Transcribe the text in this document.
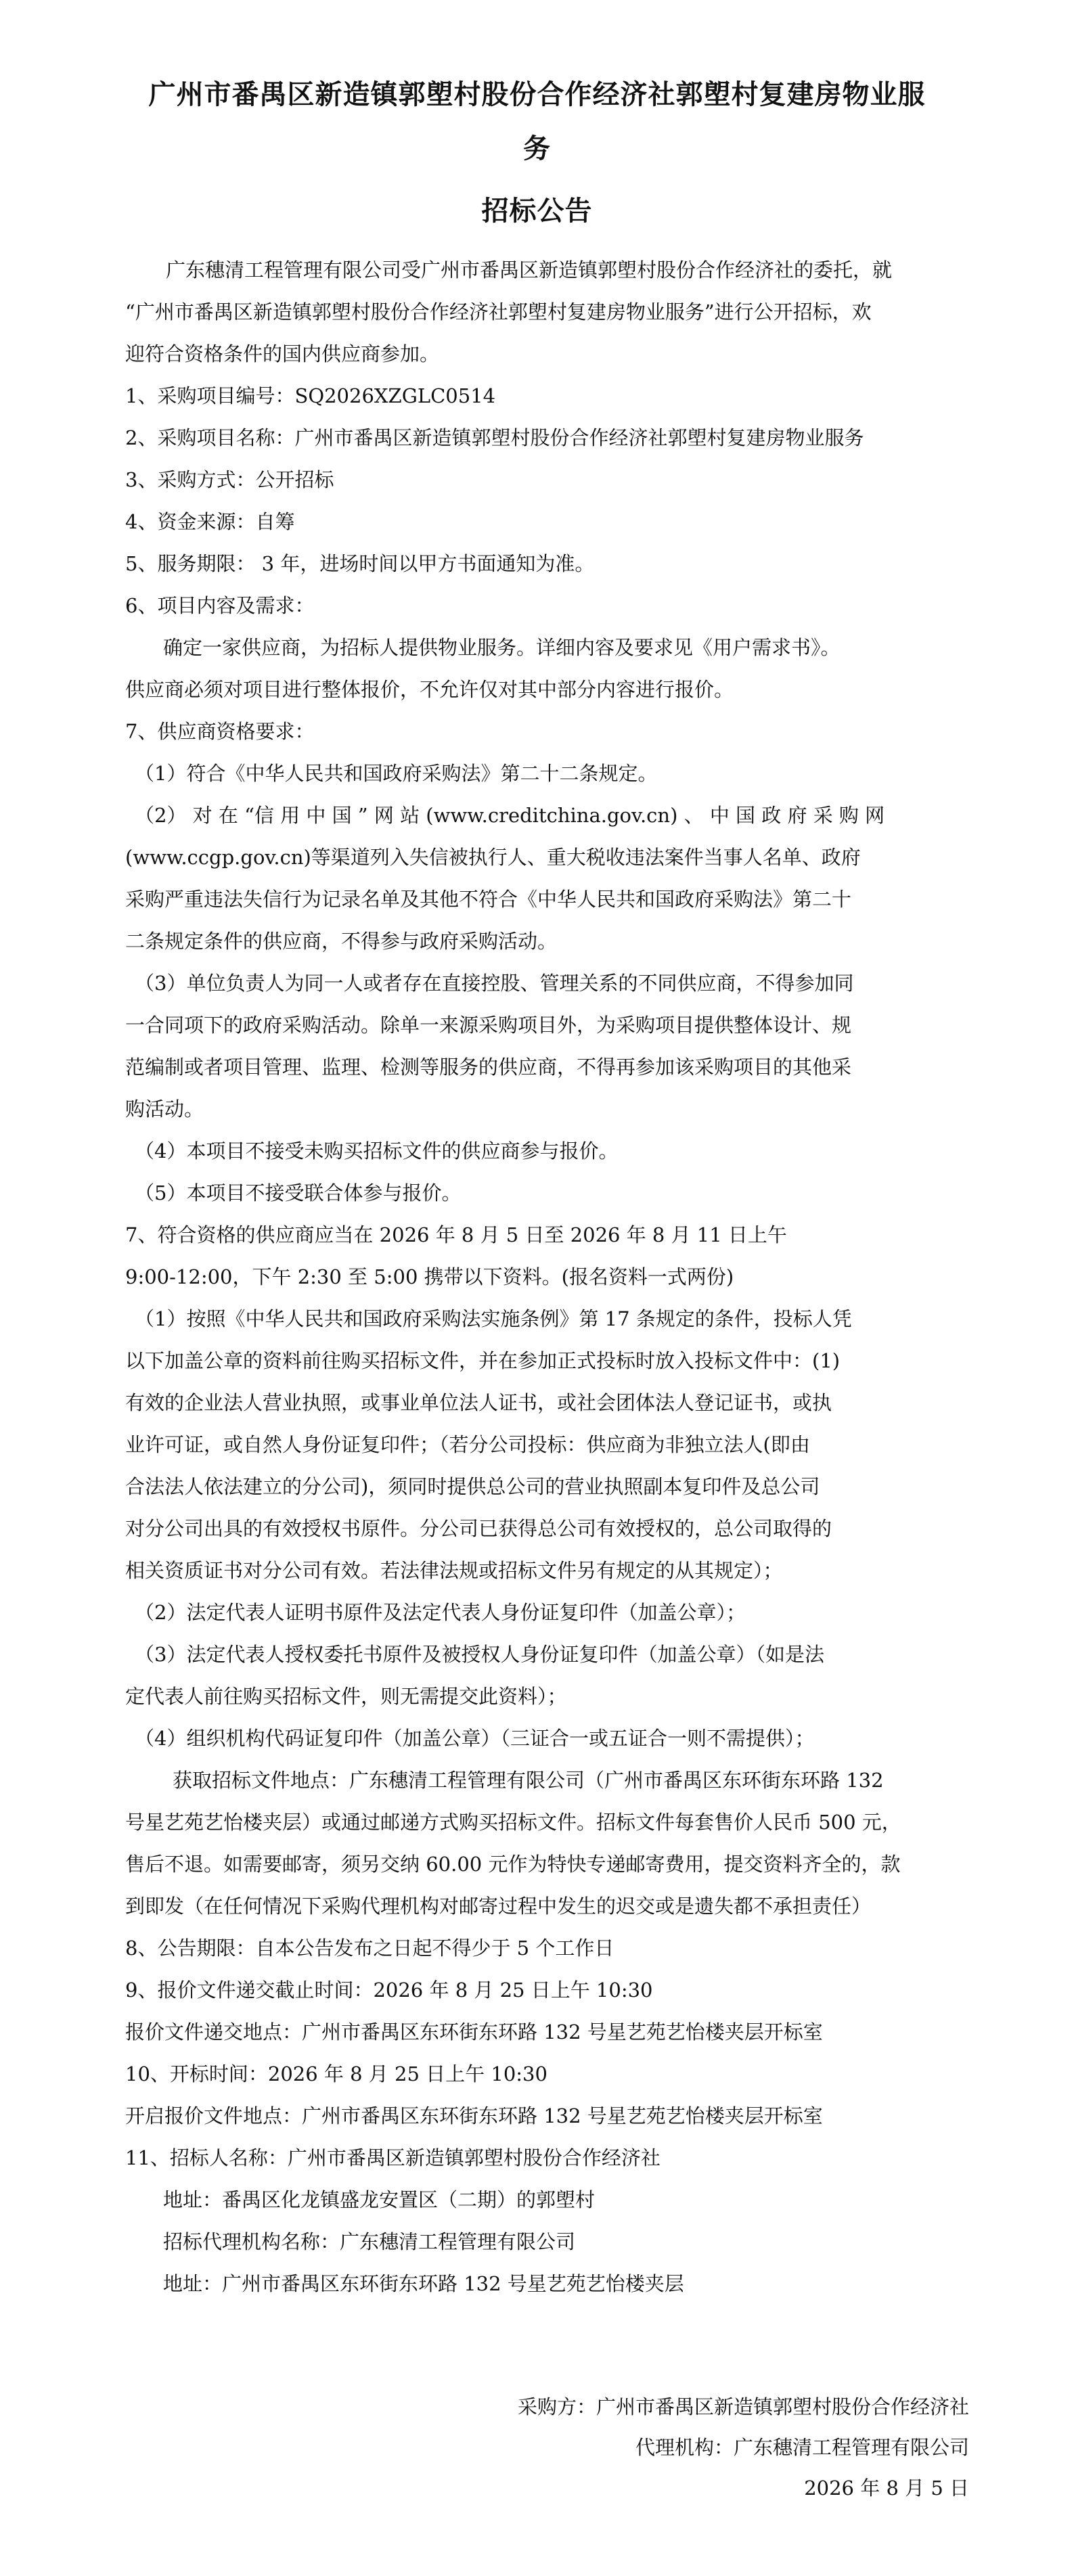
广州市番禺区新造镇郭塱村股份合作经济社郭塱村复建房物业服
务
招标公告
广东穗清工程管理有限公司受广州市番禺区新造镇郭塱村股份合作经济社的委托，就
“广州市番禺区新造镇郭塱村股份合作经济社郭塱村复建房物业服务”进行公开招标，欢
迎符合资格条件的国内供应商参加。
1、采购项目编号：SQ2026XZGLC0514
2、采购项目名称：广州市番禺区新造镇郭塱村股份合作经济社郭塱村复建房物业服务
3、采购方式：公开招标
4、资金来源：自筹
5、服务期限： 3 年，进场时间以甲方书面通知为准。
6、项目内容及需求：
确定一家供应商，为招标人提供物业服务。详细内容及要求见《用户需求书》。
供应商必须对项目进行整体报价，不允许仅对其中部分内容进行报价。
7、供应商资格要求：
（1）符合《中华人民共和国政府采购法》第二十二条规定。
（2） 对 在 “信 用 中 国 ” 网 站 (www.creditchina.gov.cn) 、 中 国 政 府 采 购 网
(www.ccgp.gov.cn)等渠道列入失信被执行人、重大税收违法案件当事人名单、政府
采购严重违法失信行为记录名单及其他不符合《中华人民共和国政府采购法》第二十
二条规定条件的供应商，不得参与政府采购活动。
（3）单位负责人为同一人或者存在直接控股、管理关系的不同供应商，不得参加同
一合同项下的政府采购活动。除单一来源采购项目外，为采购项目提供整体设计、规
范编制或者项目管理、监理、检测等服务的供应商，不得再参加该采购项目的其他采
购活动。
（4）本项目不接受未购买招标文件的供应商参与报价。
（5）本项目不接受联合体参与报价。
7、符合资格的供应商应当在 2026 年 8 月 5 日至 2026 年 8 月 11 日上午
9:00-12:00，下午 2:30 至 5:00 携带以下资料。(报名资料一式两份)
（1）按照《中华人民共和国政府采购法实施条例》第 17 条规定的条件，投标人凭
以下加盖公章的资料前往购买招标文件，并在参加正式投标时放入投标文件中：(1)
有效的企业法人营业执照，或事业单位法人证书，或社会团体法人登记证书，或执
业许可证，或自然人身份证复印件；（若分公司投标：供应商为非独立法人(即由
合法法人依法建立的分公司)，须同时提供总公司的营业执照副本复印件及总公司
对分公司出具的有效授权书原件。分公司已获得总公司有效授权的，总公司取得的
相关资质证书对分公司有效。若法律法规或招标文件另有规定的从其规定）；
（2）法定代表人证明书原件及法定代表人身份证复印件（加盖公章）；
（3）法定代表人授权委托书原件及被授权人身份证复印件（加盖公章）（如是法
定代表人前往购买招标文件，则无需提交此资料）；
（4）组织机构代码证复印件（加盖公章）（三证合一或五证合一则不需提供）；
获取招标文件地点：广东穗清工程管理有限公司（广州市番禺区东环街东环路 132
号星艺苑艺怡楼夹层）或通过邮递方式购买招标文件。招标文件每套售价人民币 500 元，
售后不退。如需要邮寄，须另交纳 60.00 元作为特快专递邮寄费用，提交资料齐全的，款
到即发（在任何情况下采购代理机构对邮寄过程中发生的迟交或是遗失都不承担责任）
8、公告期限：自本公告发布之日起不得少于 5 个工作日
9、报价文件递交截止时间：2026 年 8 月 25 日上午 10:30
报价文件递交地点：广州市番禺区东环街东环路 132 号星艺苑艺怡楼夹层开标室
10、开标时间：2026 年 8 月 25 日上午 10:30
开启报价文件地点：广州市番禺区东环街东环路 132 号星艺苑艺怡楼夹层开标室
11、招标人名称：广州市番禺区新造镇郭塱村股份合作经济社
地址：番禺区化龙镇盛龙安置区（二期）的郭塱村
招标代理机构名称：广东穗清工程管理有限公司
地址：广州市番禺区东环街东环路 132 号星艺苑艺怡楼夹层
采购方：广州市番禺区新造镇郭塱村股份合作经济社
代理机构：广东穗清工程管理有限公司
2026 年 8 月 5 日
